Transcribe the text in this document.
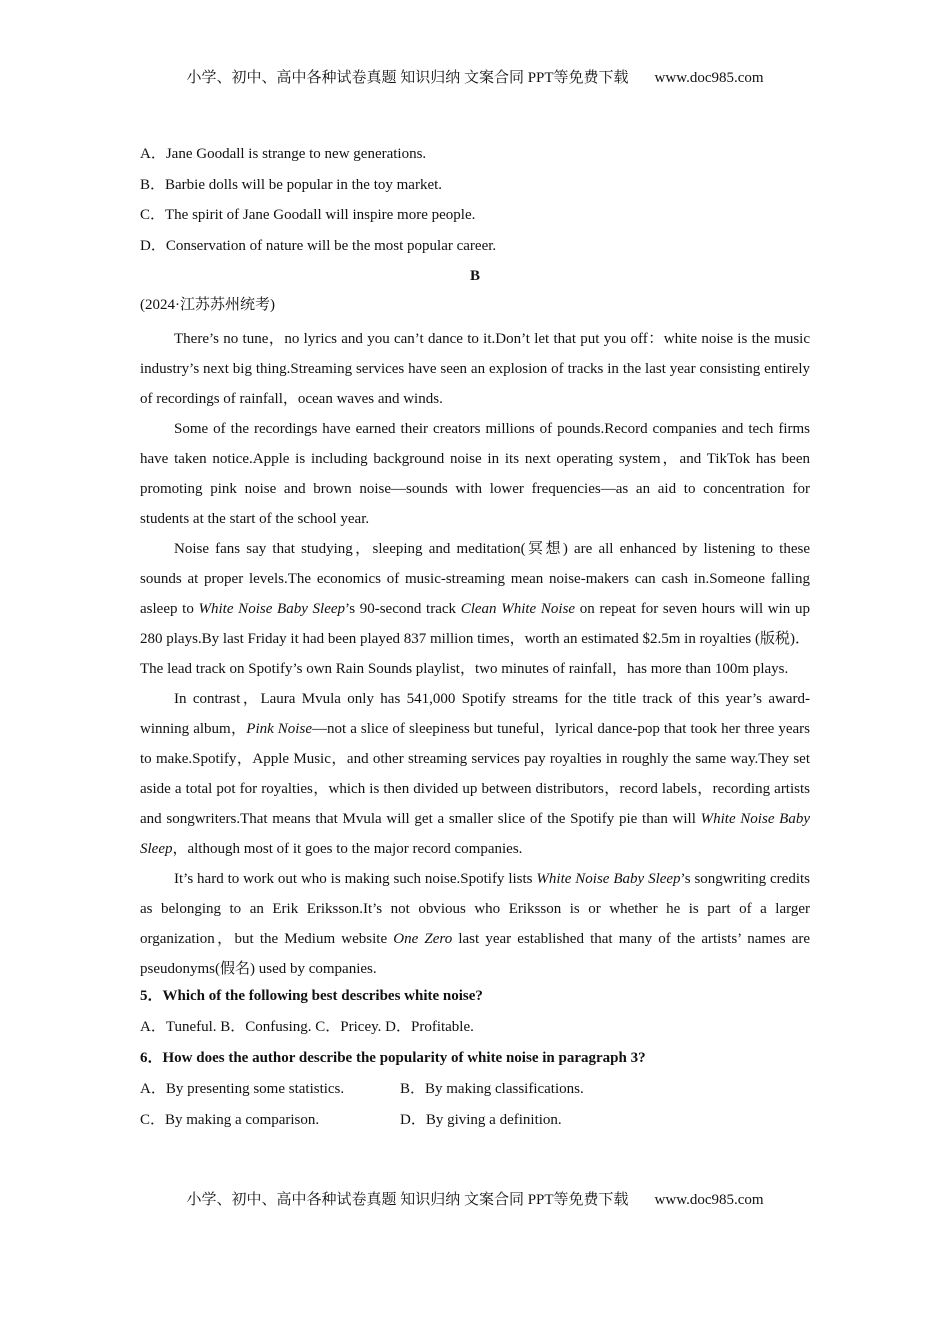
小学、初中、高中各种试卷真题 知识归纳 文案合同 PPT等免费下载 www.doc985.com
A．Jane Goodall is strange to new generations.
B．Barbie dolls will be popular in the toy market.
C．The spirit of Jane Goodall will inspire more people.
D．Conservation of nature will be the most popular career.
B
(2024·江苏苏州统考)

There’s no tune，no lyrics and you can’t dance to it.Don’t let that put you off：white noise is the music industry’s next big thing.Streaming services have seen an explosion of tracks in the last year consisting entirely of recordings of rainfall，ocean waves and winds.

Some of the recordings have earned their creators millions of pounds.Record companies and tech firms have taken notice.Apple is including background noise in its next operating system，and TikTok has been promoting pink noise and brown noise—sounds with lower frequencies—as an aid to concentration for students at the start of the school year.

Noise fans say that studying，sleeping and meditation(冥想) are all enhanced by listening to these sounds at proper levels.The economics of music-streaming mean noise-makers can cash in.Someone falling asleep to White Noise Baby Sleep’s 90-second track Clean White Noise on repeat for seven hours will win up 280 plays.By last Friday it had been played 837 million times，worth an estimated $2.5m in royalties (版税)．The lead track on Spotify’s own Rain Sounds playlist，two minutes of rainfall，has more than 100m plays.

In contrast，Laura Mvula only has 541,000 Spotify streams for the title track of this year’s award-winning album，Pink Noise—not a slice of sleepiness but tuneful，lyrical dance-pop that took her three years to make.Spotify，Apple Music，and other streaming services pay royalties in roughly the same way.They set aside a total pot for royalties，which is then divided up between distributors，record labels，recording artists and songwriters.That means that Mvula will get a smaller slice of the Spotify pie than will White Noise Baby Sleep，although most of it goes to the major record companies.

It’s hard to work out who is making such noise.Spotify lists White Noise Baby Sleep’s songwriting credits as belonging to an Erik Eriksson.It’s not obvious who Eriksson is or whether he is part of a larger organization，but the Medium website One Zero last year established that many of the artists’ names are pseudonyms(假名) used by companies.

5．Which of the following best describes white noise?
A．Tuneful. B．Confusing. C．Pricey. D．Profitable.
6．How does the author describe the popularity of white noise in paragraph 3?
A．By presenting some statistics.	B．By making classifications.
C．By making a comparison.	D．By giving a definition.
小学、初中、高中各种试卷真题 知识归纳 文案合同 PPT等免费下载 www.doc985.com
